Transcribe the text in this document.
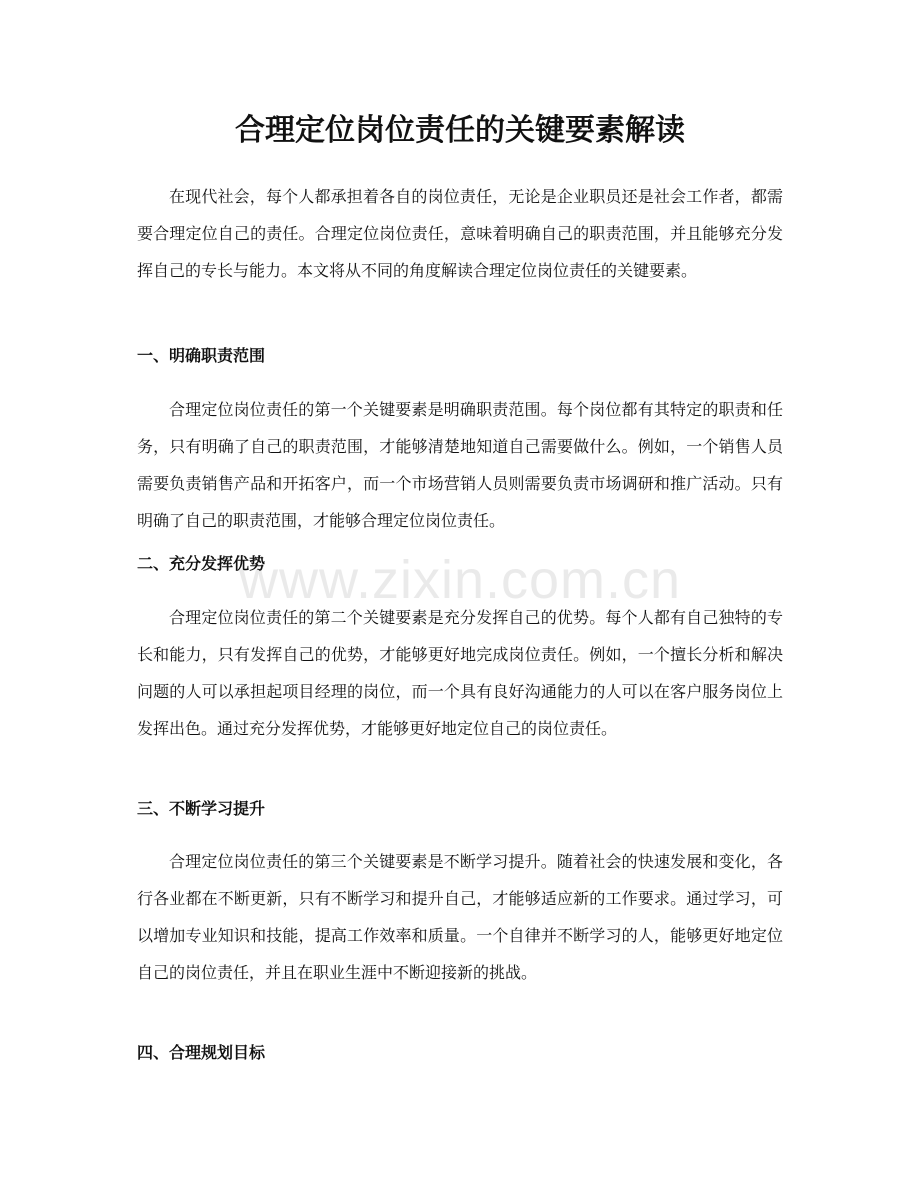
合理定位岗位责任的关键要素解读

在现代社会，每个人都承担着各自的岗位责任，无论是企业职员还是社会工作者，都需要合理定位自己的责任。合理定位岗位责任，意味着明确自己的职责范围，并且能够充分发挥自己的专长与能力。本文将从不同的角度解读合理定位岗位责任的关键要素。

一、明确职责范围

合理定位岗位责任的第一个关键要素是明确职责范围。每个岗位都有其特定的职责和任务，只有明确了自己的职责范围，才能够清楚地知道自己需要做什么。例如，一个销售人员需要负责销售产品和开拓客户，而一个市场营销人员则需要负责市场调研和推广活动。只有明确了自己的职责范围，才能够合理定位岗位责任。

二、充分发挥优势

合理定位岗位责任的第二个关键要素是充分发挥自己的优势。每个人都有自己独特的专长和能力，只有发挥自己的优势，才能够更好地完成岗位责任。例如，一个擅长分析和解决问题的人可以承担起项目经理的岗位，而一个具有良好沟通能力的人可以在客户服务岗位上发挥出色。通过充分发挥优势，才能够更好地定位自己的岗位责任。

三、不断学习提升

合理定位岗位责任的第三个关键要素是不断学习提升。随着社会的快速发展和变化，各行各业都在不断更新，只有不断学习和提升自己，才能够适应新的工作要求。通过学习，可以增加专业知识和技能，提高工作效率和质量。一个自律并不断学习的人，能够更好地定位自己的岗位责任，并且在职业生涯中不断迎接新的挑战。

四、合理规划目标
www.zixin.com.cn
